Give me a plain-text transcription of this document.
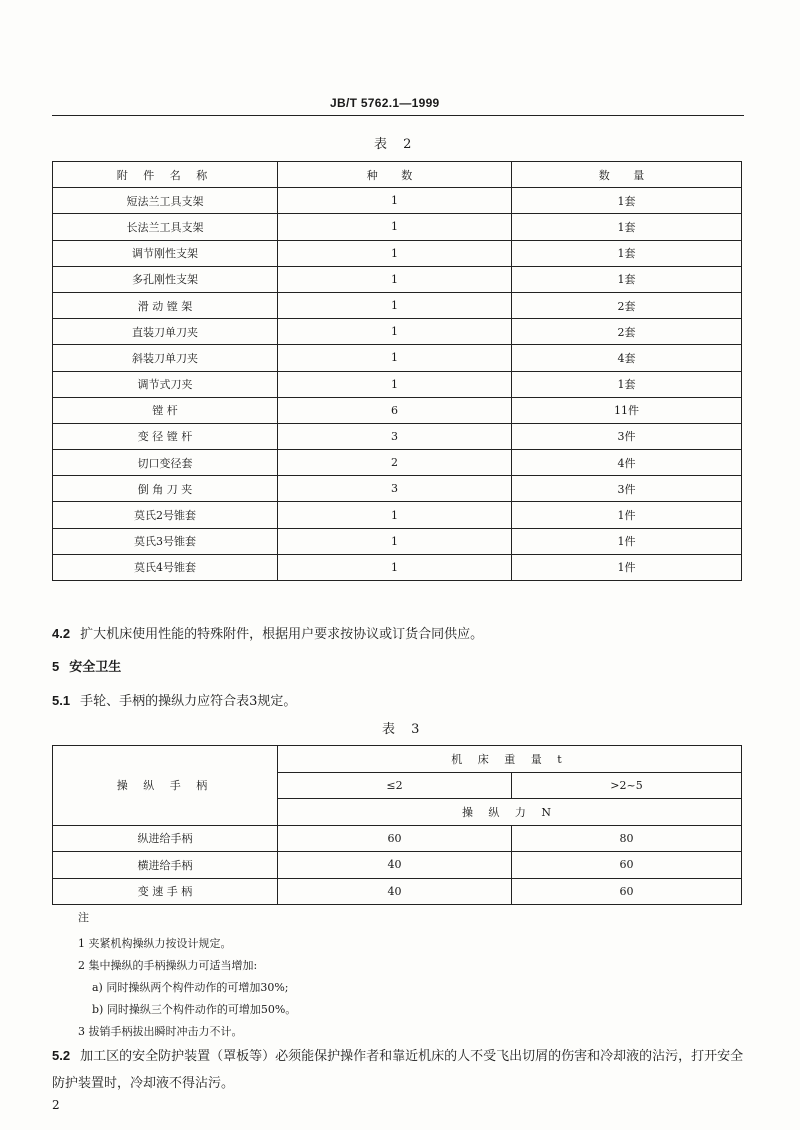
JB/T 5762.1—1999
表 2
附 件 名 称	种 数	数 量
短法兰工具支架	1	1套
长法兰工具支架	1	1套
调节刚性支架	1	1套
多孔刚性支架	1	1套
滑 动 镗 架	1	2套
直装刀单刀夹	1	2套
斜装刀单刀夹	1	4套
调节式刀夹	1	1套
镗 杆	6	11件
变 径 镗 杆	3	3件
切口变径套	2	4件
倒 角 刀 夹	3	3件
莫氏2号锥套	1	1件
莫氏3号锥套	1	1件
莫氏4号锥套	1	1件
4.2 扩大机床使用性能的特殊附件，根据用户要求按协议或订货合同供应。
5 安全卫生
5.1 手轮、手柄的操纵力应符合表3规定。
表 3
操 纵 手 柄	机 床 重 量 t	
	≤2	>2~5
	操 纵 力 N	
纵进给手柄	60	80
横进给手柄	40	60
变 速 手 柄	40	60
注
1 夹紧机构操纵力按设计规定。
2 集中操纵的手柄操纵力可适当增加:
a) 同时操纵两个构件动作的可增加30%;
b) 同时操纵三个构件动作的可增加50%。
3 拔销手柄拔出瞬时冲击力不计。
5.2 加工区的安全防护装置（罩板等）必须能保护操作者和靠近机床的人不受飞出切屑的伤害和冷却液的沾污，打开安全防护装置时，冷却液不得沾污。
2
